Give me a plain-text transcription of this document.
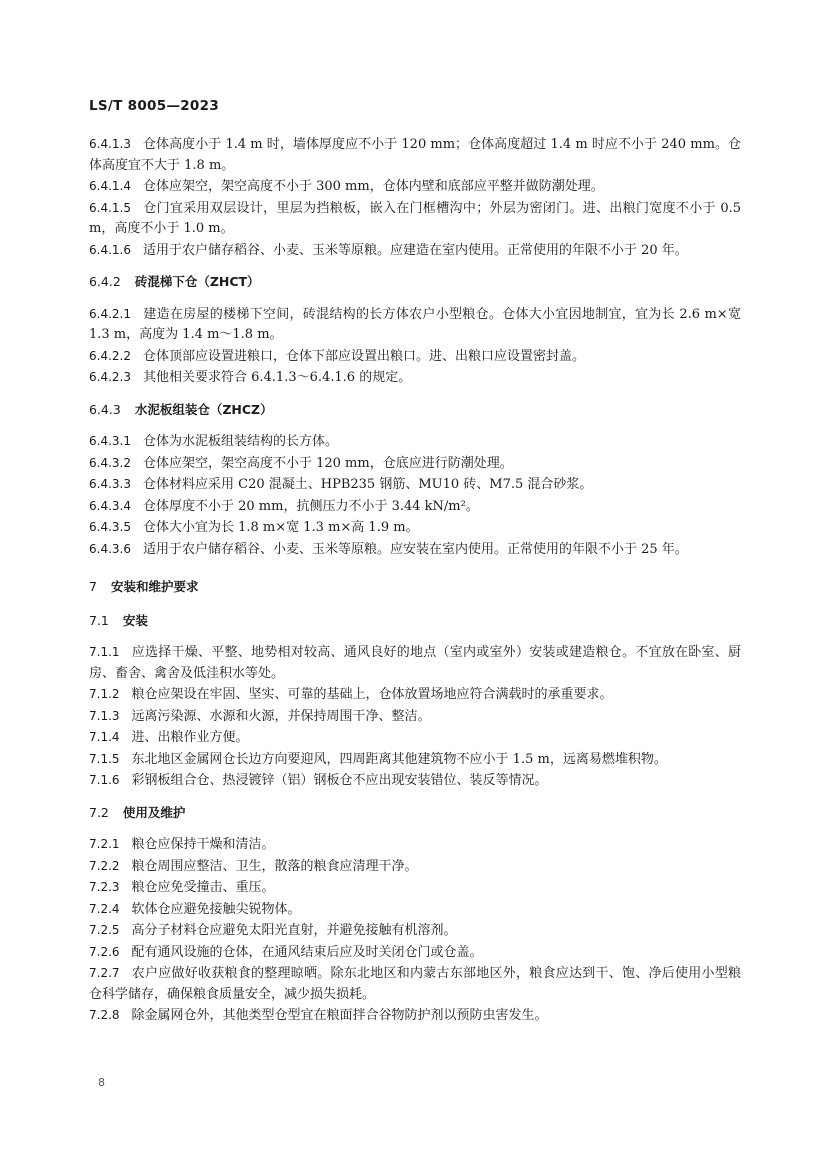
LS/T 8005—2023

6.4.1.3 仓体高度小于 1.4 m 时，墙体厚度应不小于 120 mm；仓体高度超过 1.4 m 时应不小于 240 mm。仓体高度宜不大于 1.8 m。

6.4.1.4 仓体应架空，架空高度不小于 300 mm，仓体内壁和底部应平整并做防潮处理。

6.4.1.5 仓门宜采用双层设计，里层为挡粮板，嵌入在门框槽沟中；外层为密闭门。进、出粮门宽度不小于 0.5 m，高度不小于 1.0 m。

6.4.1.6 适用于农户储存稻谷、小麦、玉米等原粮。应建造在室内使用。正常使用的年限不小于 20 年。

6.4.2 砖混梯下仓（ZHCT）

6.4.2.1 建造在房屋的楼梯下空间，砖混结构的长方体农户小型粮仓。仓体大小宜因地制宜，宜为长 2.6 m×宽 1.3 m，高度为 1.4 m～1.8 m。

6.4.2.2 仓体顶部应设置进粮口，仓体下部应设置出粮口。进、出粮口应设置密封盖。

6.4.2.3 其他相关要求符合 6.4.1.3～6.4.1.6 的规定。

6.4.3 水泥板组装仓（ZHCZ）

6.4.3.1 仓体为水泥板组装结构的长方体。

6.4.3.2 仓体应架空，架空高度不小于 120 mm，仓底应进行防潮处理。

6.4.3.3 仓体材料应采用 C20 混凝土、HPB235 钢筋、MU10 砖、M7.5 混合砂浆。

6.4.3.4 仓体厚度不小于 20 mm，抗侧压力不小于 3.44 kN/m²。

6.4.3.5 仓体大小宜为长 1.8 m×宽 1.3 m×高 1.9 m。

6.4.3.6 适用于农户储存稻谷、小麦、玉米等原粮。应安装在室内使用。正常使用的年限不小于 25 年。

7 安装和维护要求

7.1 安装

7.1.1 应选择干燥、平整、地势相对较高、通风良好的地点（室内或室外）安装或建造粮仓。不宜放在卧室、厨房、畜舍、禽舍及低洼积水等处。

7.1.2 粮仓应架设在牢固、坚实、可靠的基础上，仓体放置场地应符合满载时的承重要求。

7.1.3 远离污染源、水源和火源，并保持周围干净、整洁。

7.1.4 进、出粮作业方便。

7.1.5 东北地区金属网仓长边方向要迎风，四周距离其他建筑物不应小于 1.5 m，远离易燃堆积物。

7.1.6 彩钢板组合仓、热浸镀锌（铝）钢板仓不应出现安装错位、装反等情况。

7.2 使用及维护

7.2.1 粮仓应保持干燥和清洁。

7.2.2 粮仓周围应整洁、卫生，散落的粮食应清理干净。

7.2.3 粮仓应免受撞击、重压。

7.2.4 软体仓应避免接触尖锐物体。

7.2.5 高分子材料仓应避免太阳光直射，并避免接触有机溶剂。

7.2.6 配有通风设施的仓体，在通风结束后应及时关闭仓门或仓盖。

7.2.7 农户应做好收获粮食的整理晾晒。除东北地区和内蒙古东部地区外，粮食应达到干、饱、净后使用小型粮仓科学储存，确保粮食质量安全，减少损失损耗。

7.2.8 除金属网仓外，其他类型仓型宜在粮面拌合谷物防护剂以预防虫害发生。

8
